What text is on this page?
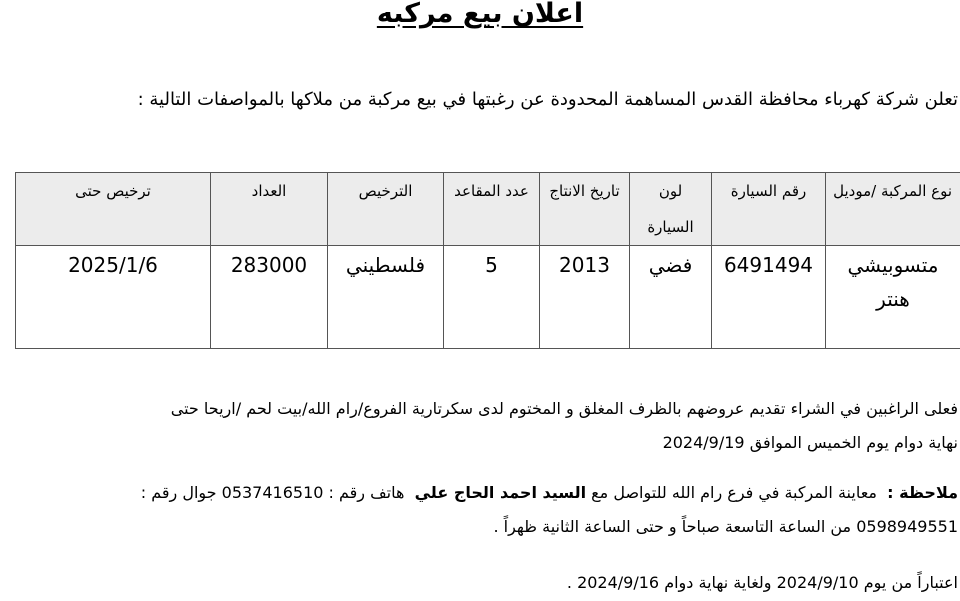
اعلان بيع مركبه

تعلن شركة كهرباء محافظة القدس المساهمة المحدودة عن رغبتها في بيع مركبة من ملاكها بالمواصفات التالية :

نوع المركبة /موديل	رقم السيارة	لون السيارة	تاريخ الانتاج	عدد المقاعد	الترخيص	العداد	ترخيص حتى
متسوبيشي هنتر	6491494	فضي	2013	5	فلسطيني	283000	2025/1/6

فعلى الراغبين في الشراء تقديم عروضهم بالظرف المغلق و المختوم لدى سكرتارية الفروع/رام الله/بيت لحم /اريحا حتى
نهاية دوام يوم الخميس الموافق 2024/9/19

ملاحظة :  معاينة المركبة في فرع رام الله للتواصل مع السيد احمد الحاج علي  هاتف رقم : 0537416510 جوال رقم :
0598949551 من الساعة التاسعة صباحاً و حتى الساعة الثانية ظهراً .

اعتباراً من يوم 2024/9/10 ولغاية نهاية دوام 2024/9/16 .
